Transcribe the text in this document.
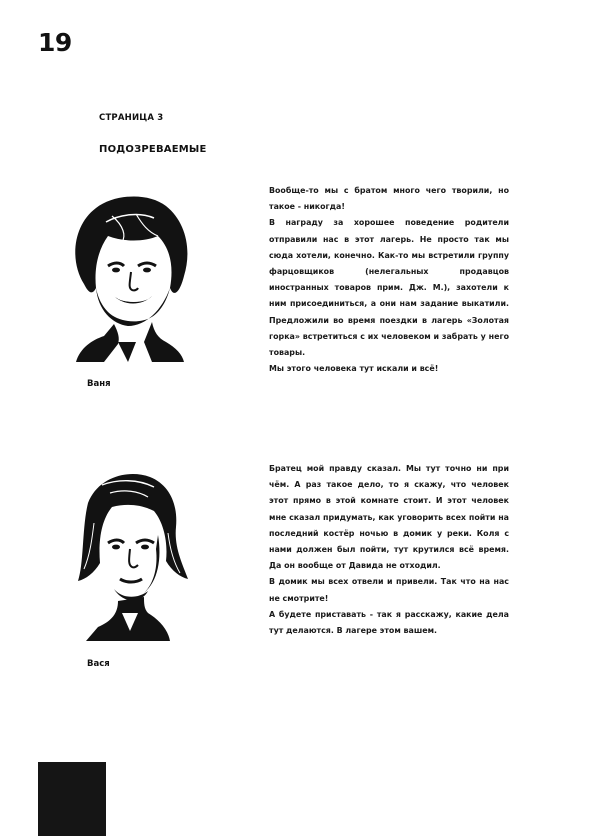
19
СТРАНИЦА 3
ПОДОЗРЕВАЕМЫЕ
Ваня

Вообще-то мы с братом много чего творили, но такое - никогда!

В награду за хорошее поведение родители отправили нас в этот лагерь. Не просто так мы сюда хотели, конечно. Как-то мы встретили группу фарцовщиков (нелегальных продавцов иностранных товаров прим. Дж. М.), захотели к ним присоединиться, а они нам задание выкатили. Предложили во время поездки в лагерь «Золотая горка» встретиться с их человеком и забрать у него товары.

Мы этого человека тут искали и всё!

Вася

Братец мой правду сказал. Мы тут точно ни при чём. А раз такое дело, то я скажу, что человек этот прямо в этой комнате стоит. И этот человек мне сказал придумать, как уговорить всех пойти на последний костёр ночью в домик у реки. Коля с нами должен был пойти, тут крутился всё время. Да он вообще от Давида не отходил.

В домик мы всех отвели и привели. Так что на нас не смотрите!

А будете приставать - так я расскажу, какие дела тут делаются. В лагере этом вашем.
